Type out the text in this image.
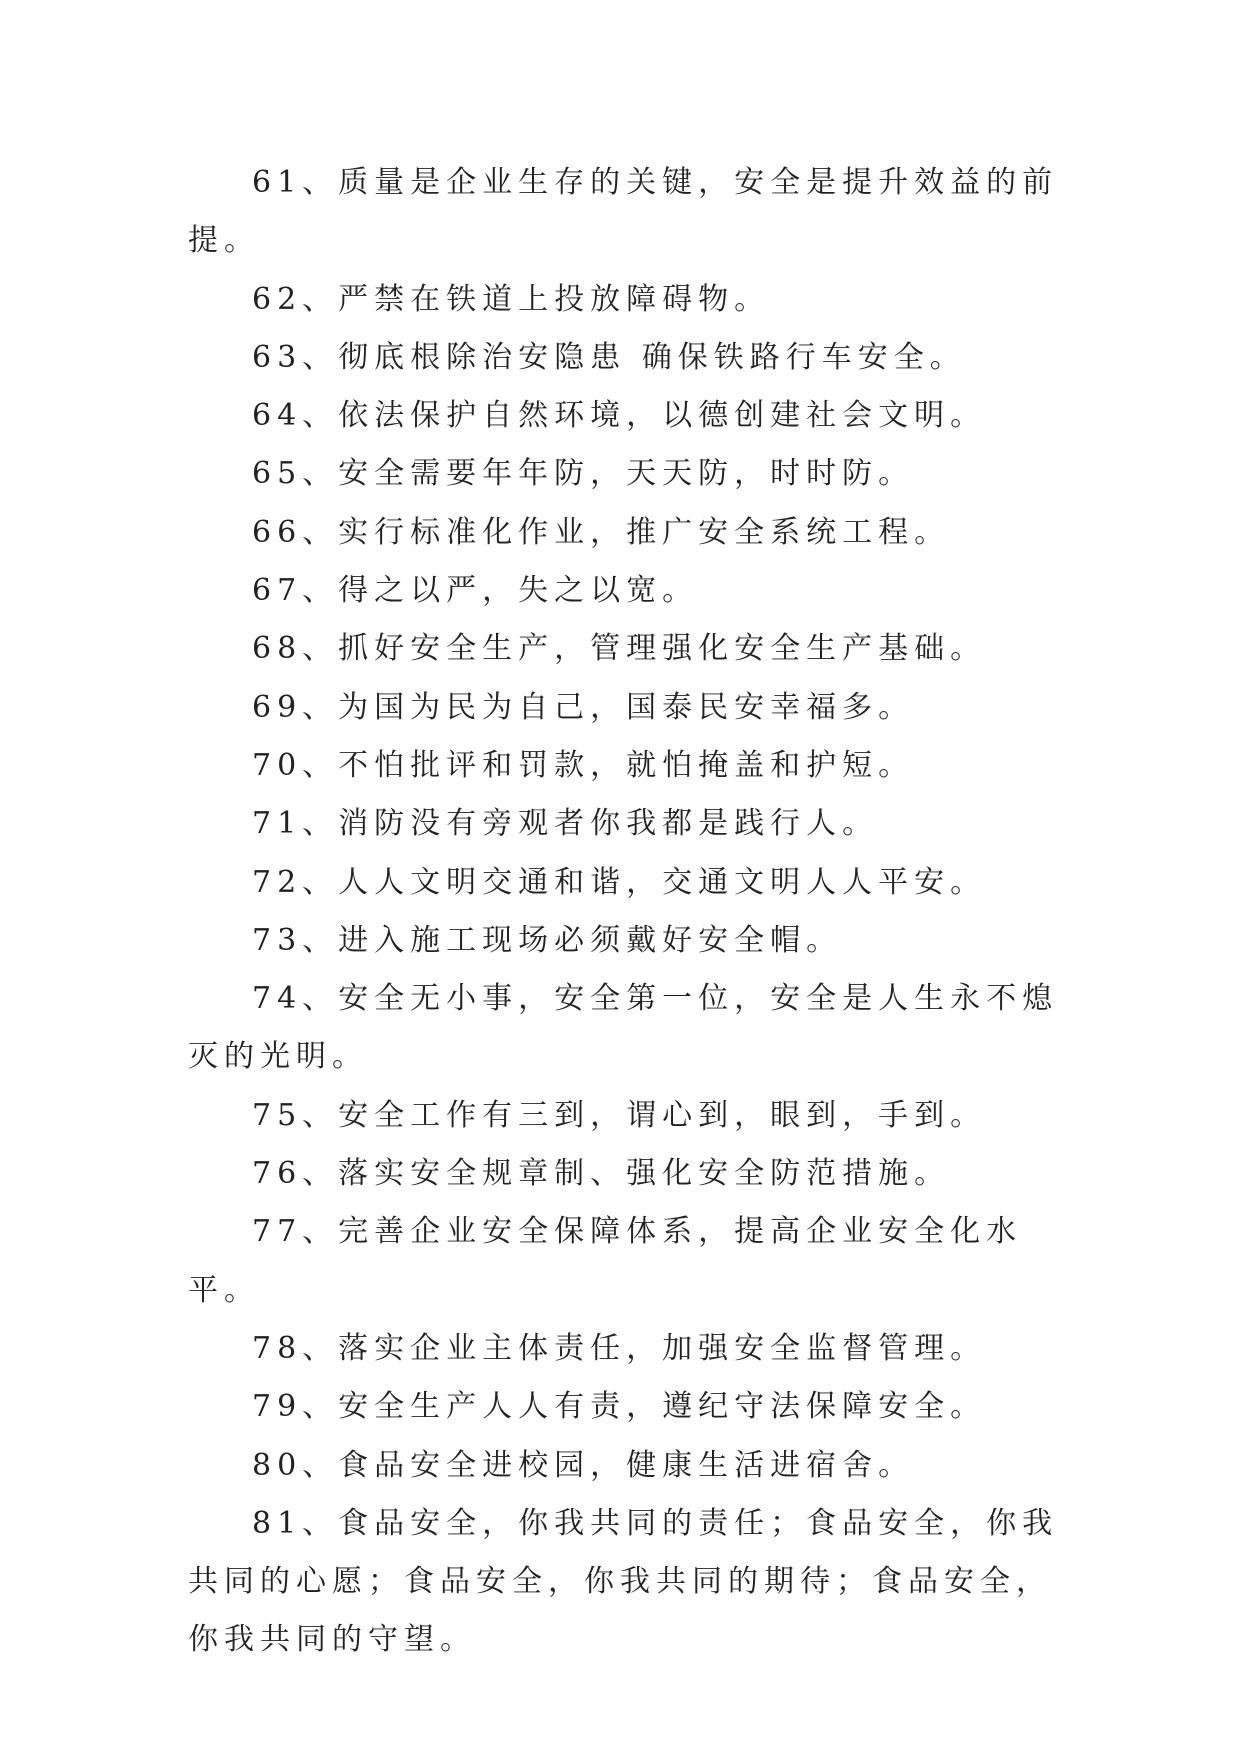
61、质量是企业生存的关键，安全是提升效益的前提。

62、严禁在铁道上投放障碍物。

63、彻底根除治安隐患 确保铁路行车安全。

64、依法保护自然环境，以德创建社会文明。

65、安全需要年年防，天天防，时时防。

66、实行标准化作业，推广安全系统工程。

67、得之以严，失之以宽。

68、抓好安全生产，管理强化安全生产基础。

69、为国为民为自己，国泰民安幸福多。

70、不怕批评和罚款，就怕掩盖和护短。

71、消防没有旁观者你我都是践行人。

72、人人文明交通和谐，交通文明人人平安。

73、进入施工现场必须戴好安全帽。

74、安全无小事，安全第一位，安全是人生永不熄灭的光明。

75、安全工作有三到，谓心到，眼到，手到。

76、落实安全规章制、强化安全防范措施。

77、完善企业安全保障体系，提高企业安全化水平。

78、落实企业主体责任，加强安全监督管理。

79、安全生产人人有责，遵纪守法保障安全。

80、食品安全进校园，健康生活进宿舍。

81、食品安全，你我共同的责任；食品安全，你我共同的心愿；食品安全，你我共同的期待；食品安全，你我共同的守望。
